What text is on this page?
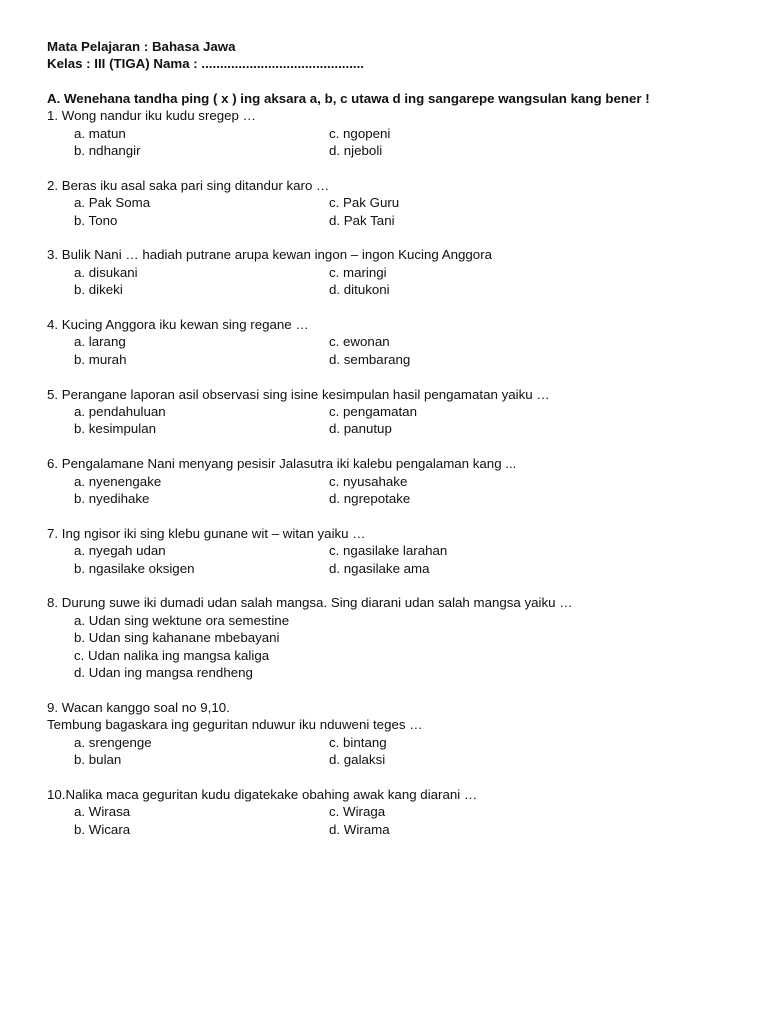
Mata Pelajaran : Bahasa Jawa
Kelas : III (TIGA) Nama : ............................................
A. Wenehana tandha ping ( x ) ing aksara a, b, c utawa d ing sangarepe wangsulan kang bener !
1. Wong nandur iku kudu sregep …
a. matun	c. ngopeni
b. ndhangir	d. njeboli
2. Beras iku asal saka pari sing ditandur karo …
a. Pak Soma	c. Pak Guru
b. Tono	d. Pak Tani
3. Bulik Nani … hadiah putrane arupa kewan ingon – ingon Kucing Anggora
a. disukani	c. maringi
b. dikeki	d. ditukoni
4. Kucing Anggora iku kewan sing regane …
a. larang	c. ewonan
b. murah	d. sembarang
5. Perangane laporan asil observasi sing isine kesimpulan hasil pengamatan yaiku …
a. pendahuluan	c. pengamatan
b. kesimpulan	d. panutup
6. Pengalamane Nani menyang pesisir Jalasutra iki kalebu pengalaman kang ...
a. nyenengake	c. nyusahake
b. nyedihake	d. ngrepotake
7. Ing ngisor iki sing klebu gunane wit – witan yaiku …
a. nyegah udan	c. ngasilake larahan
b. ngasilake oksigen	d. ngasilake ama
8. Durung suwe iki dumadi udan salah mangsa. Sing diarani udan salah mangsa yaiku …
a. Udan sing wektune ora semestine
b. Udan sing kahanane mbebayani
c. Udan nalika ing mangsa kaliga
d. Udan ing mangsa rendheng
9. Wacan kanggo soal no 9,10.
Tembung bagaskara ing geguritan nduwur iku nduweni teges …
a. srengenge	c. bintang
b. bulan	d. galaksi
10.Nalika maca geguritan kudu digatekake obahing awak kang diarani …
a. Wirasa	c. Wiraga
b. Wicara	d. Wirama
